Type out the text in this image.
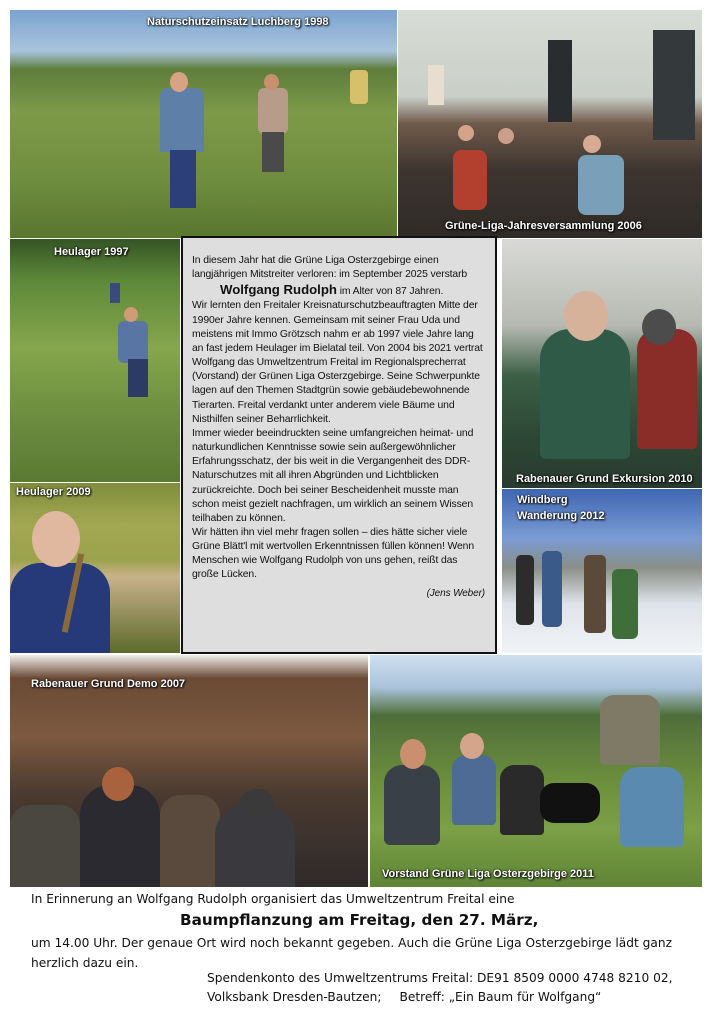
Naturschutzeinsatz Luchberg 1998
Grüne-Liga-Jahresversammlung 2006
Heulager 1997
Rabenauer Grund Exkursion 2010
Heulager 2009
Windberg
Wanderung 2012
Rabenauer Grund Demo 2007
Vorstand Grüne Liga Osterzgebirge 2011

In diesem Jahr hat die Grüne Liga Osterzgebirge einen langjährigen Mitstreiter verloren: im September 2025 verstarb

Wolfgang Rudolph im Alter von 87 Jahren.

Wir lernten den Freitaler Kreisnaturschutzbeauftragten Mitte der 1990er Jahre kennen. Gemeinsam mit seiner Frau Uda und meistens mit Immo Grötzsch nahm er ab 1997 viele Jahre lang an fast jedem Heulager im Bielatal teil. Von 2004 bis 2021 vertrat Wolfgang das Umweltzentrum Freital im Regionalsprecherrat (Vorstand) der Grünen Liga Osterzgebirge. Seine Schwerpunkte lagen auf den Themen Stadtgrün sowie gebäudebewohnende Tierarten. Freital verdankt unter anderem viele Bäume und Nisthilfen seiner Beharrlichkeit.

Immer wieder beeindruckten seine umfangreichen heimat- und naturkundlichen Kenntnisse sowie sein außergewöhnlicher Erfahrungsschatz, der bis weit in die Vergangenheit des DDR-Naturschutzes mit all ihren Abgründen und Lichtblicken zurückreichte. Doch bei seiner Bescheidenheit musste man schon meist gezielt nachfragen, um wirklich an seinem Wissen teilhaben zu können.

Wir hätten ihn viel mehr fragen sollen – dies hätte sicher viele Grüne Blätt'l mit wertvollen Erkenntnissen füllen können! Wenn Menschen wie Wolfgang Rudolph von uns gehen, reißt das große Lücken.

(Jens Weber)

In Erinnerung an Wolfgang Rudolph organisiert das Umweltzentrum Freital eine
Baumpflanzung am Freitag, den 27. März,
um 14.00 Uhr. Der genaue Ort wird noch bekannt gegeben. Auch die Grüne Liga Osterzgebirge lädt ganz herzlich dazu ein.
Spendenkonto des Umweltzentrums Freital: DE91 8509 0000 4748 8210 02,
Volksbank Dresden-Bautzen; Betreff: „Ein Baum für Wolfgang“
